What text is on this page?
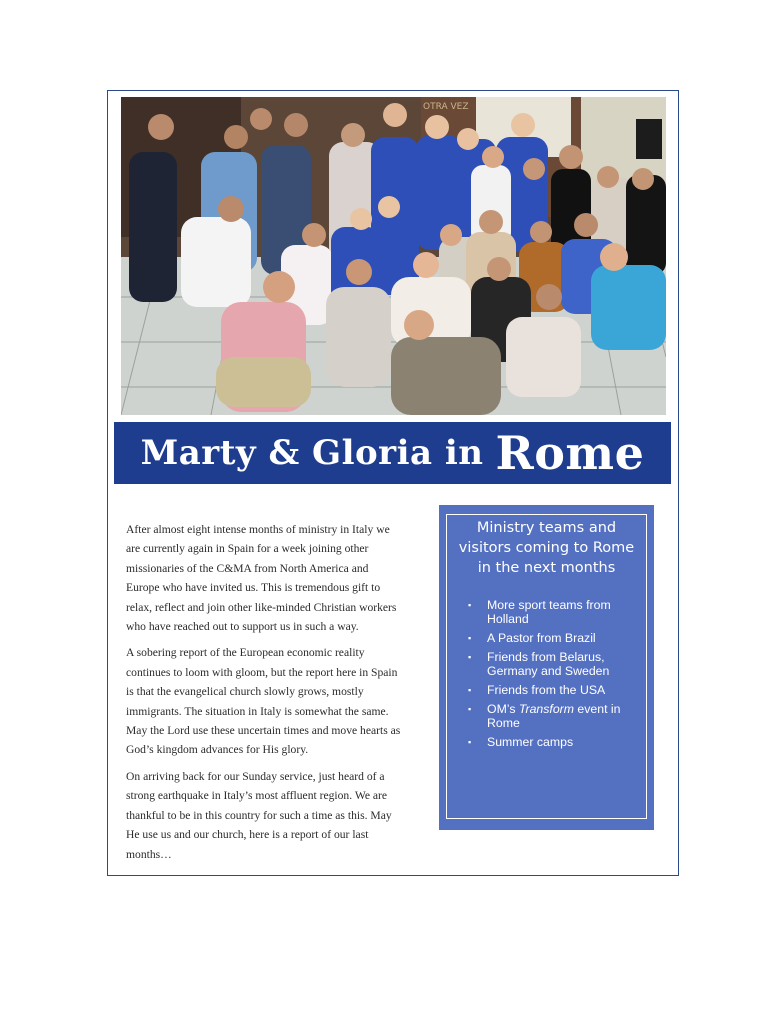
OTRA VEZ
Marty & Gloria in Rome

After almost eight intense months of ministry in Italy we are currently again in Spain for a week joining other missionaries of the C&MA from North America and Europe who have invited us. This is tremendous gift to relax, reflect and join other like-minded Christian workers who have reached out to support us in such a way.

A sobering report of the European economic reality continues to loom with gloom, but the report here in Spain is that the evangelical church slowly grows, mostly immigrants. The situation in Italy is somewhat the same. May the Lord use these uncertain times and move hearts as God’s kingdom advances for His glory.

On arriving back for our Sunday service, just heard of a strong earthquake in Italy’s most affluent region. We are thankful to be in this country for such a time as this. May He use us and our church, here is a report of our last months…

Ministry teams and visitors coming to Rome in the next months
▪ More sport teams from Holland
▪ A Pastor from Brazil
▪ Friends from Belarus, Germany and Sweden
▪ Friends from the USA
▪ OM’s Transform event in Rome
▪ Summer camps
